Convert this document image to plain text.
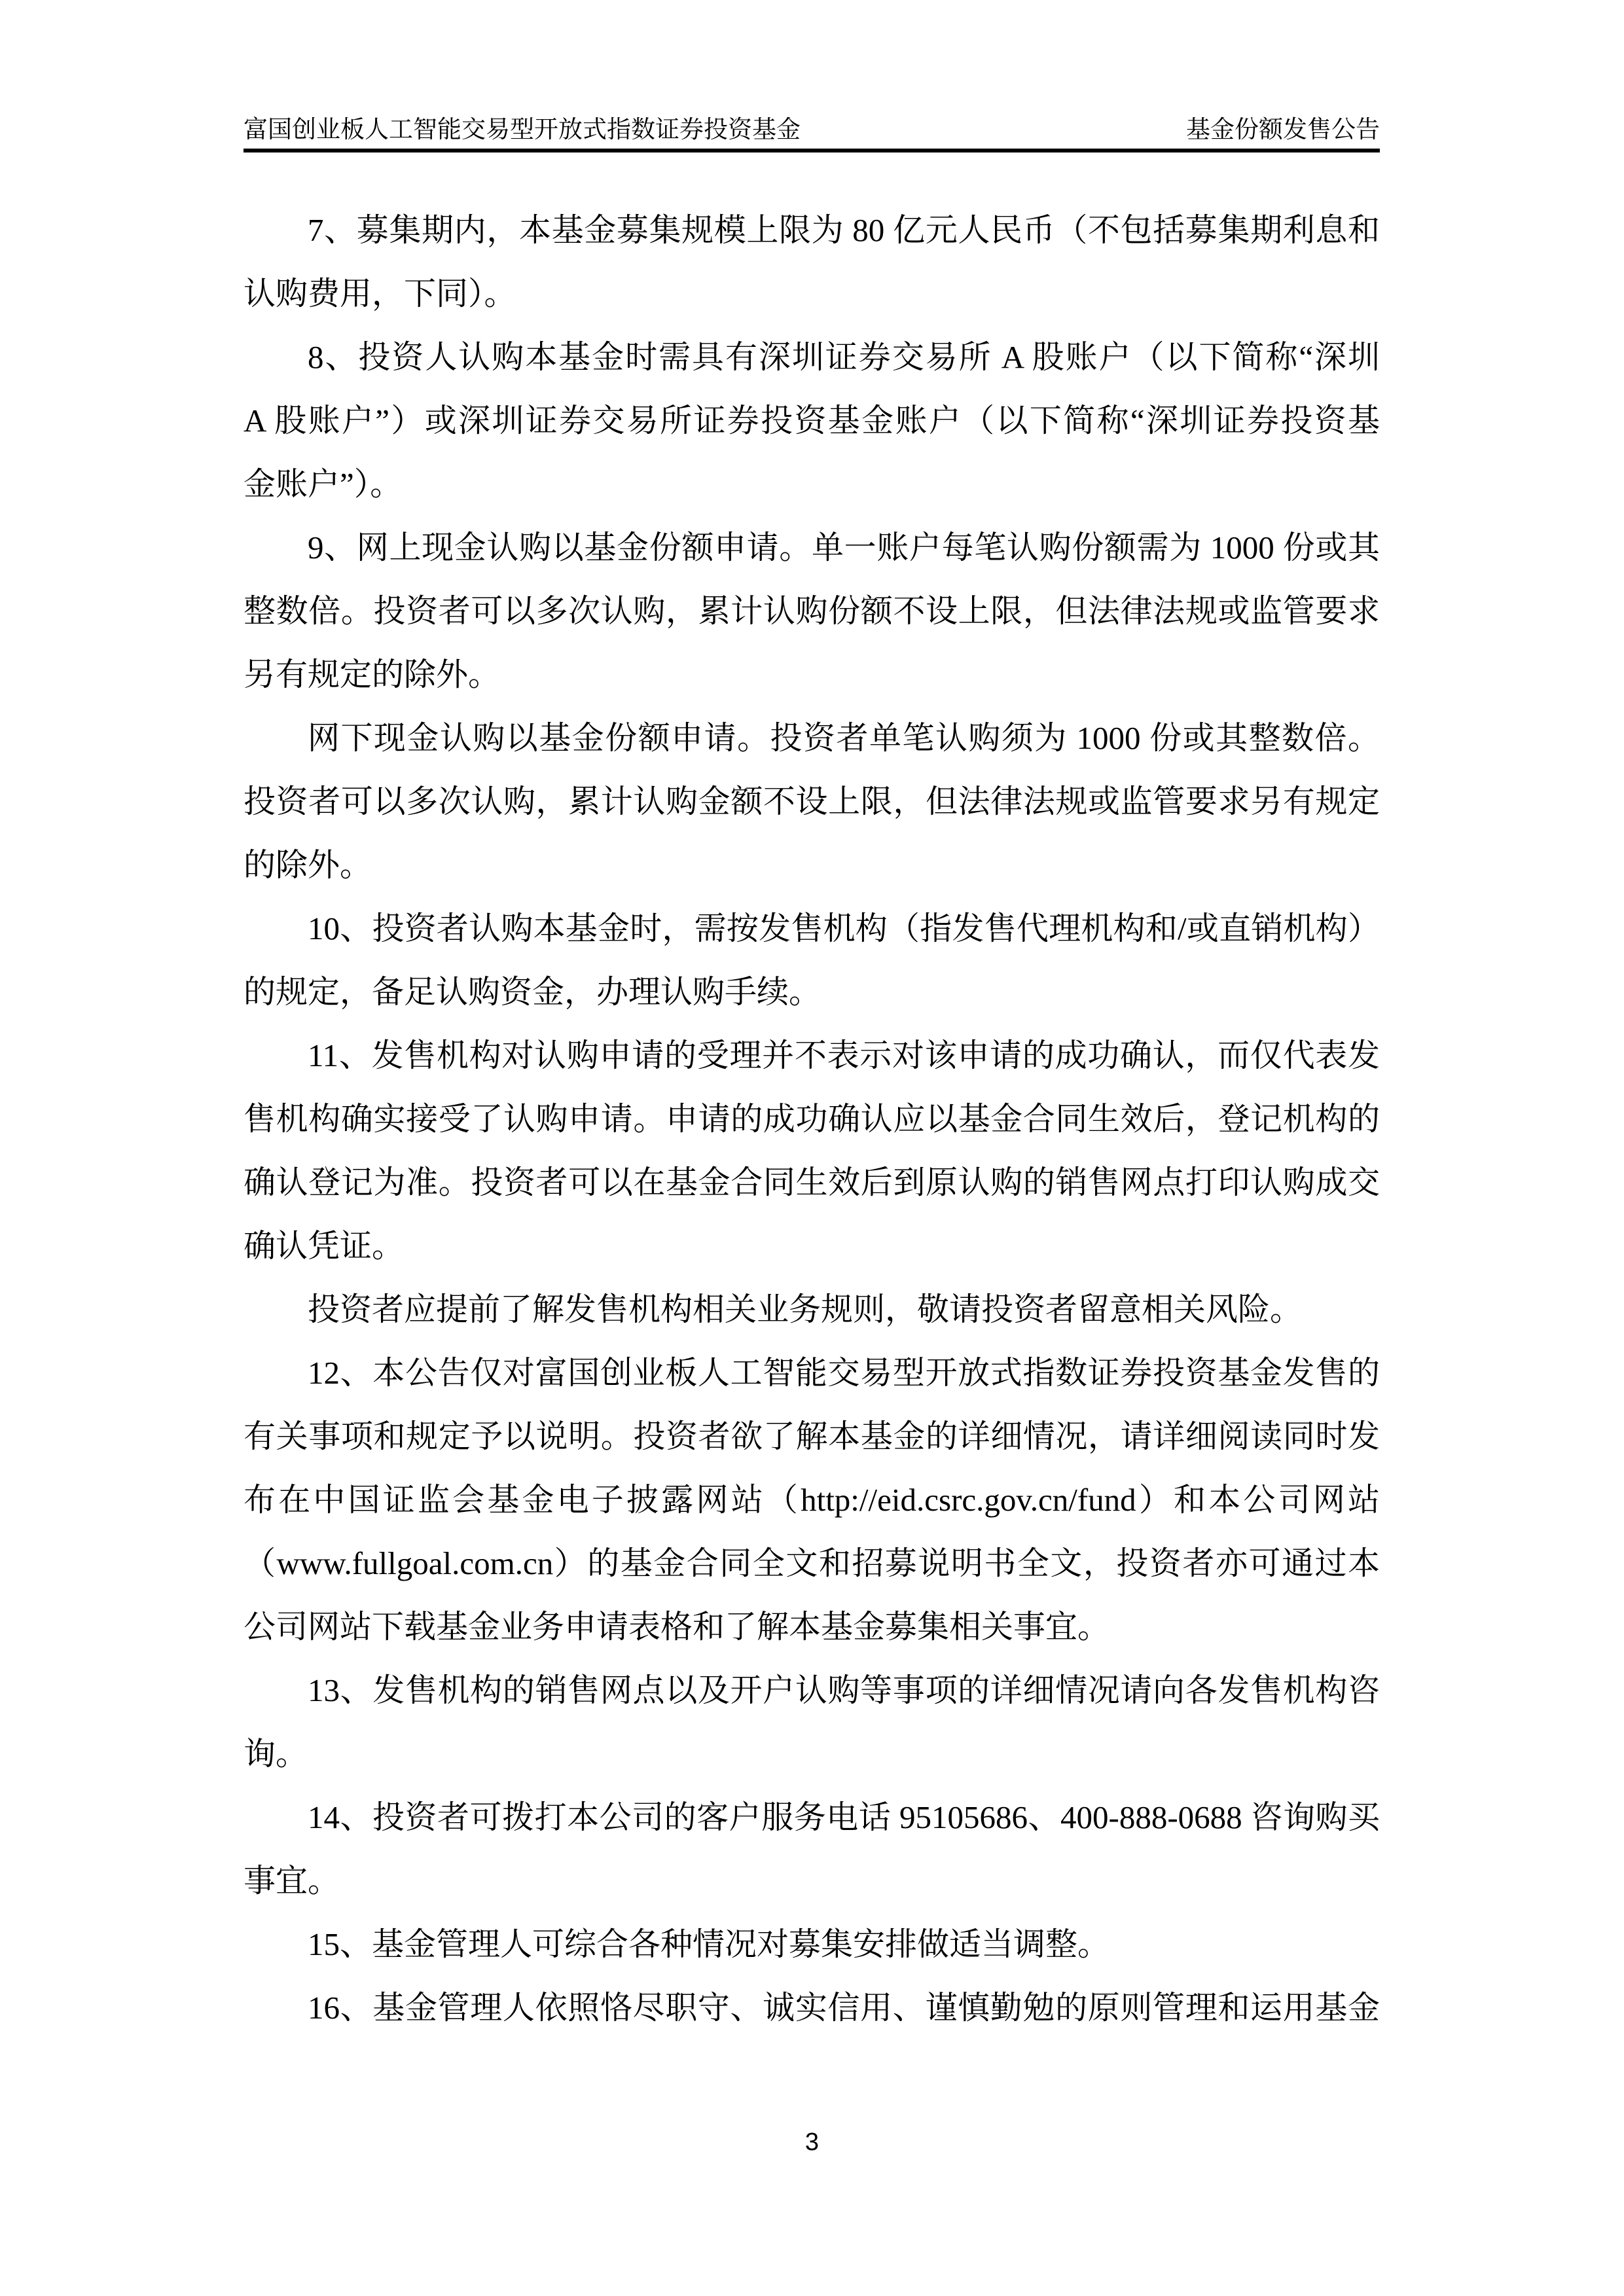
富国创业板人工智能交易型开放式指数证券投资基金	基金份额发售公告
7、募集期内，本基金募集规模上限为 80 亿元人民币（不包括募集期利息和
认购费用，下同）。
8、投资人认购本基金时需具有深圳证券交易所 A 股账户（以下简称“深圳
A 股账户”）或深圳证券交易所证券投资基金账户（以下简称“深圳证券投资基
金账户”）。
9、网上现金认购以基金份额申请。单一账户每笔认购份额需为 1000 份或其
整数倍。投资者可以多次认购，累计认购份额不设上限，但法律法规或监管要求
另有规定的除外。
网下现金认购以基金份额申请。投资者单笔认购须为 1000 份或其整数倍。
投资者可以多次认购，累计认购金额不设上限，但法律法规或监管要求另有规定
的除外。
10、投资者认购本基金时，需按发售机构（指发售代理机构和/或直销机构）
的规定，备足认购资金，办理认购手续。
11、发售机构对认购申请的受理并不表示对该申请的成功确认，而仅代表发
售机构确实接受了认购申请。申请的成功确认应以基金合同生效后，登记机构的
确认登记为准。投资者可以在基金合同生效后到原认购的销售网点打印认购成交
确认凭证。
投资者应提前了解发售机构相关业务规则，敬请投资者留意相关风险。
12、本公告仅对富国创业板人工智能交易型开放式指数证券投资基金发售的
有关事项和规定予以说明。投资者欲了解本基金的详细情况，请详细阅读同时发
布在中国证监会基金电子披露网站（http://eid.csrc.gov.cn/fund）和本公司网站
（www.fullgoal.com.cn）的基金合同全文和招募说明书全文，投资者亦可通过本
公司网站下载基金业务申请表格和了解本基金募集相关事宜。
13、发售机构的销售网点以及开户认购等事项的详细情况请向各发售机构咨
询。
14、投资者可拨打本公司的客户服务电话 95105686、400-888-0688 咨询购买
事宜。
15、基金管理人可综合各种情况对募集安排做适当调整。
16、基金管理人依照恪尽职守、诚实信用、谨慎勤勉的原则管理和运用基金
3
